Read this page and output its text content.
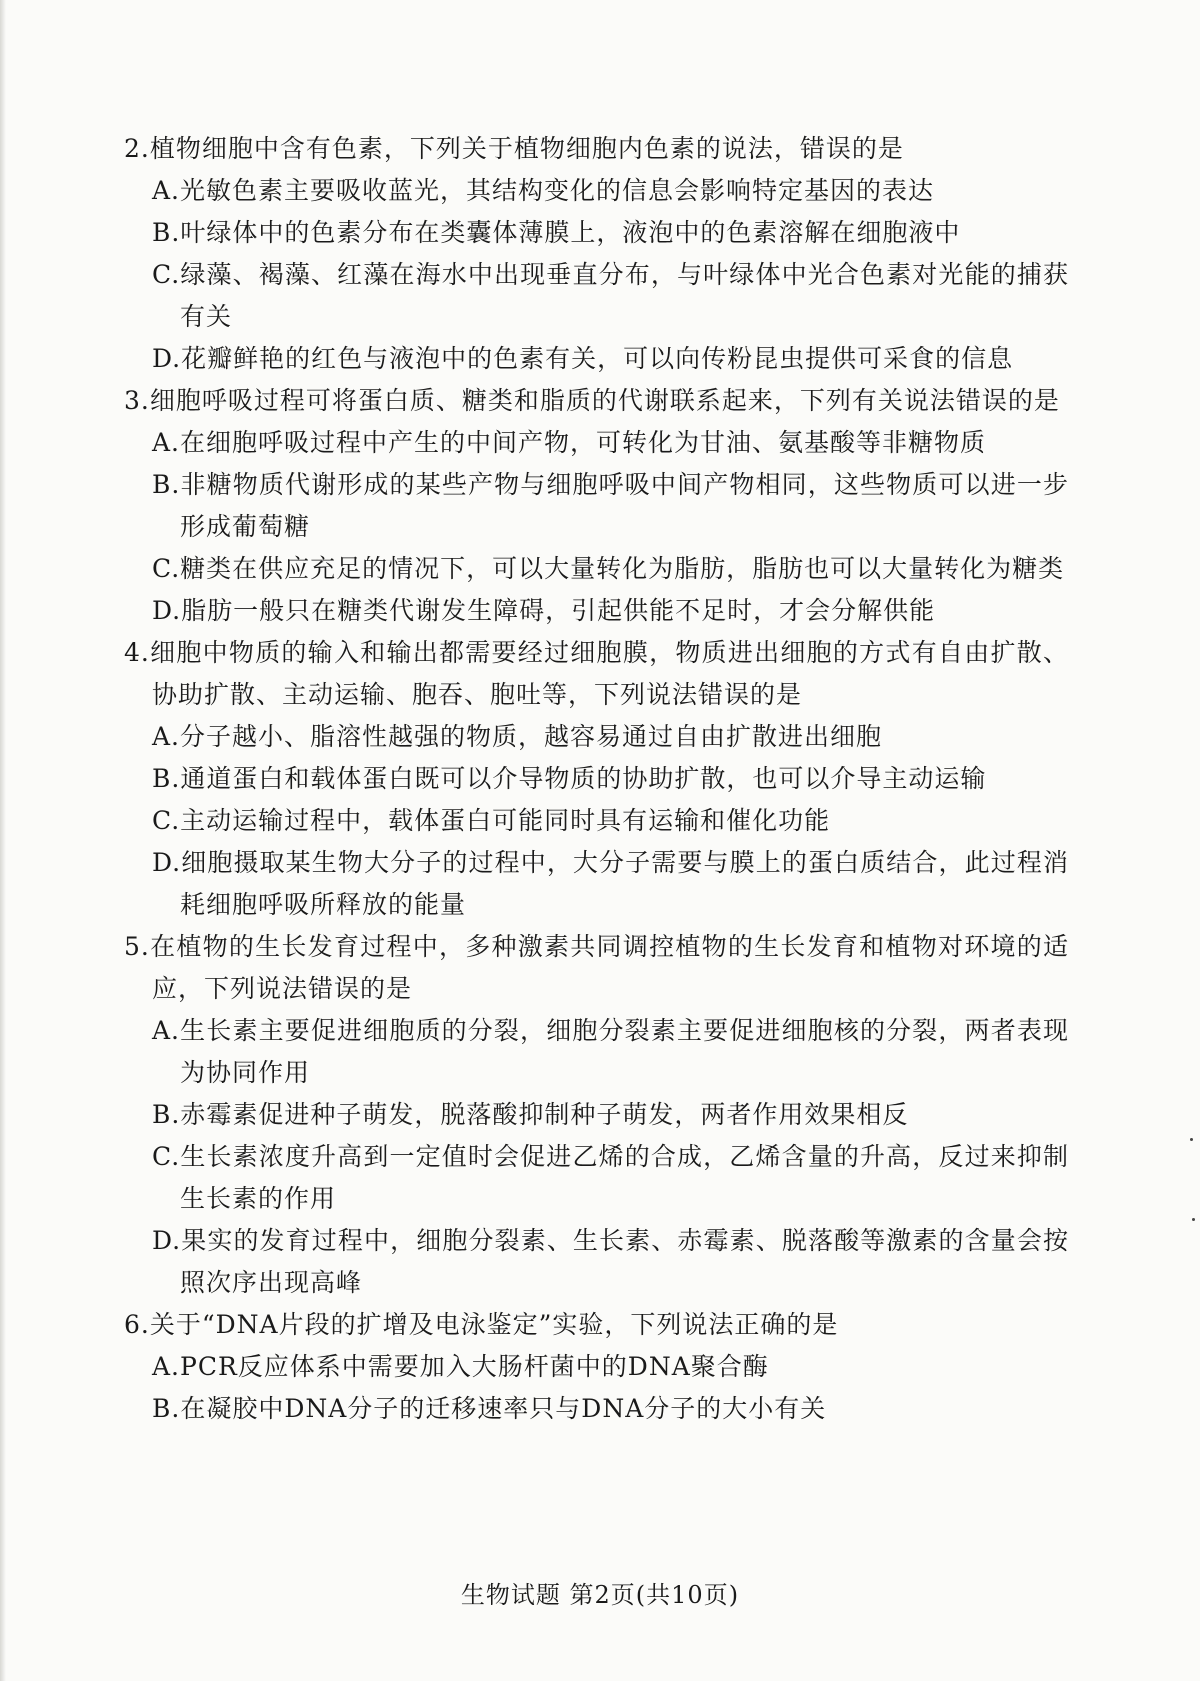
2.植物细胞中含有色素，下列关于植物细胞内色素的说法，错误的是
A.光敏色素主要吸收蓝光，其结构变化的信息会影响特定基因的表达
B.叶绿体中的色素分布在类囊体薄膜上，液泡中的色素溶解在细胞液中
C.绿藻、褐藻、红藻在海水中出现垂直分布，与叶绿体中光合色素对光能的捕获有关
D.花瓣鲜艳的红色与液泡中的色素有关，可以向传粉昆虫提供可采食的信息
3.细胞呼吸过程可将蛋白质、糖类和脂质的代谢联系起来，下列有关说法错误的是
A.在细胞呼吸过程中产生的中间产物，可转化为甘油、氨基酸等非糖物质
B.非糖物质代谢形成的某些产物与细胞呼吸中间产物相同，这些物质可以进一步形成葡萄糖
C.糖类在供应充足的情况下，可以大量转化为脂肪，脂肪也可以大量转化为糖类
D.脂肪一般只在糖类代谢发生障碍，引起供能不足时，才会分解供能
4.细胞中物质的输入和输出都需要经过细胞膜，物质进出细胞的方式有自由扩散、协助扩散、主动运输、胞吞、胞吐等，下列说法错误的是
A.分子越小、脂溶性越强的物质，越容易通过自由扩散进出细胞
B.通道蛋白和载体蛋白既可以介导物质的协助扩散，也可以介导主动运输
C.主动运输过程中，载体蛋白可能同时具有运输和催化功能
D.细胞摄取某生物大分子的过程中，大分子需要与膜上的蛋白质结合，此过程消耗细胞呼吸所释放的能量
5.在植物的生长发育过程中，多种激素共同调控植物的生长发育和植物对环境的适应，下列说法错误的是
A.生长素主要促进细胞质的分裂，细胞分裂素主要促进细胞核的分裂，两者表现为协同作用
B.赤霉素促进种子萌发，脱落酸抑制种子萌发，两者作用效果相反
C.生长素浓度升高到一定值时会促进乙烯的合成，乙烯含量的升高，反过来抑制生长素的作用
D.果实的发育过程中，细胞分裂素、生长素、赤霉素、脱落酸等激素的含量会按照次序出现高峰
6.关于“DNA片段的扩增及电泳鉴定”实验，下列说法正确的是
A.PCR反应体系中需要加入大肠杆菌中的DNA聚合酶
B.在凝胶中DNA分子的迁移速率只与DNA分子的大小有关
生物试题 第2页(共10页)
